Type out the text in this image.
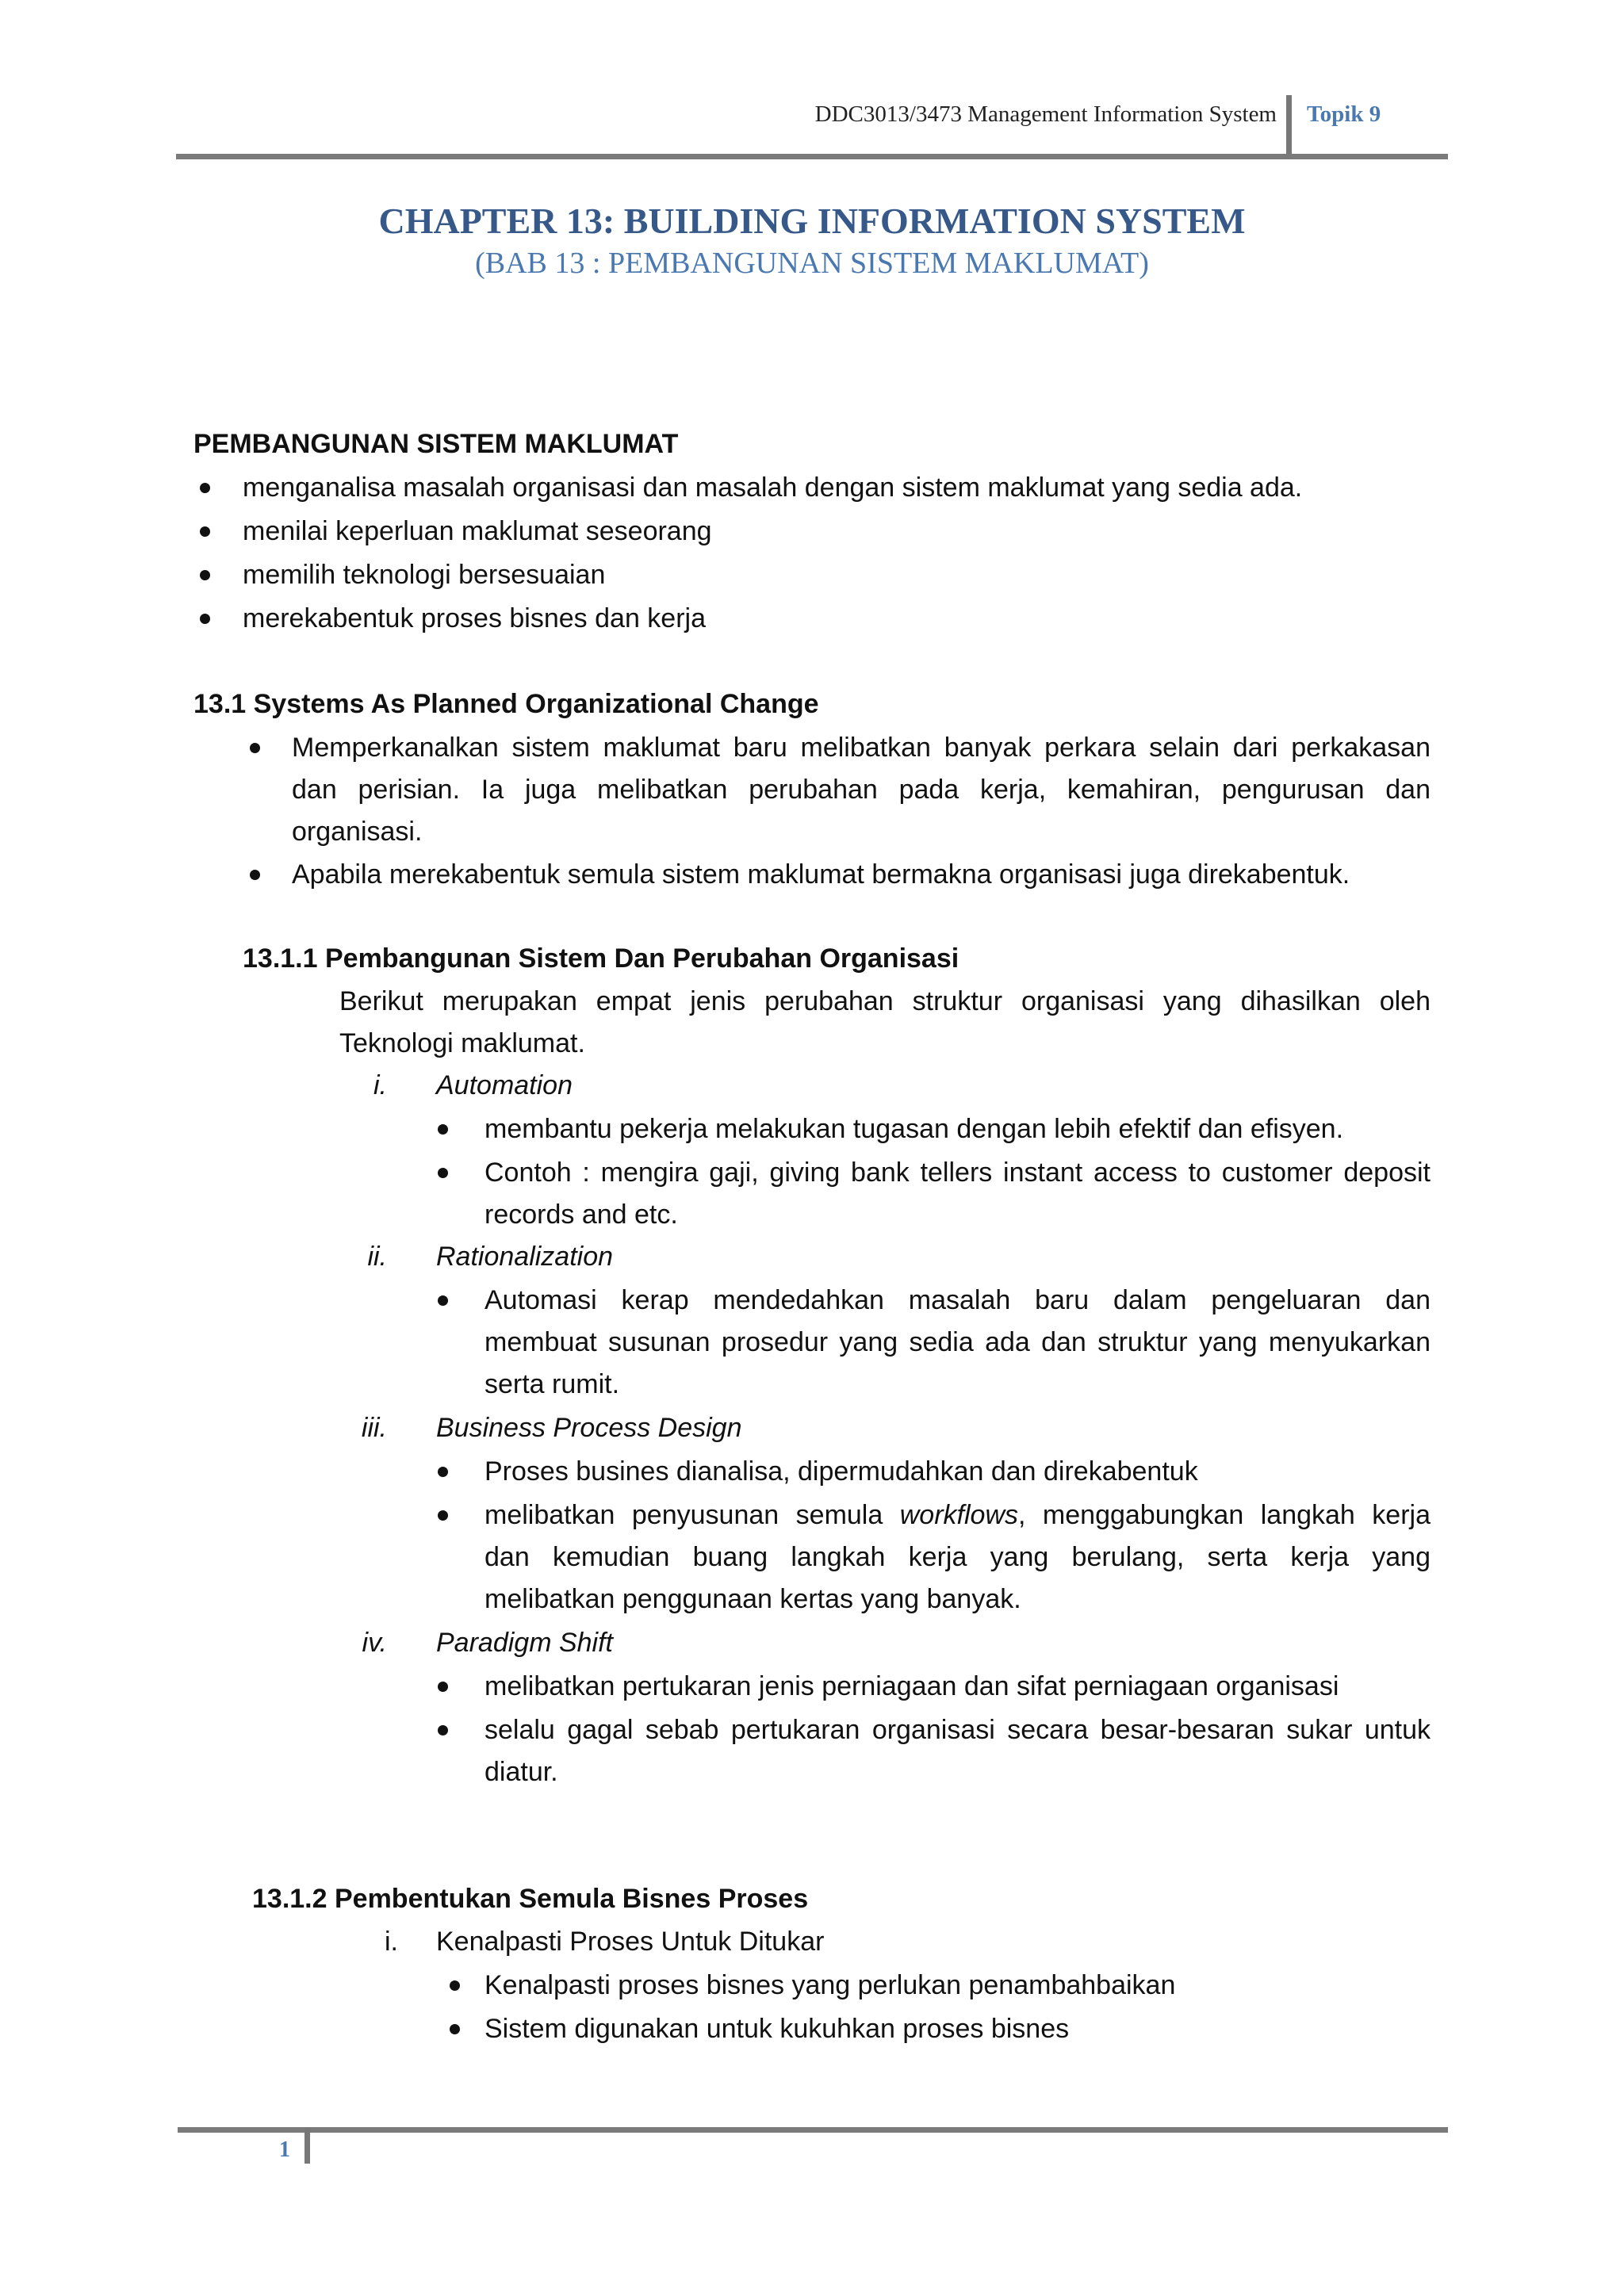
DDC3013/3473 Management Information System Topik 9
CHAPTER 13: BUILDING INFORMATION SYSTEM
(BAB 13 : PEMBANGUNAN SISTEM MAKLUMAT)
PEMBANGUNAN SISTEM MAKLUMAT
menganalisa masalah organisasi dan masalah dengan sistem maklumat yang sedia ada.
menilai keperluan maklumat seseorang
memilih teknologi bersesuaian
merekabentuk proses bisnes dan kerja
13.1 Systems As Planned Organizational Change
Memperkanalkan sistem maklumat baru melibatkan banyak perkara selain dari perkakasan
dan perisian. Ia juga melibatkan perubahan pada kerja, kemahiran, pengurusan dan
organisasi.
Apabila merekabentuk semula sistem maklumat bermakna organisasi juga direkabentuk.
13.1.1 Pembangunan Sistem Dan Perubahan Organisasi
Berikut merupakan empat jenis perubahan struktur organisasi yang dihasilkan oleh
Teknologi maklumat.
i. Automation
membantu pekerja melakukan tugasan dengan lebih efektif dan efisyen.
Contoh : mengira gaji, giving bank tellers instant access to customer deposit
records and etc.
ii. Rationalization
Automasi kerap mendedahkan masalah baru dalam pengeluaran dan
membuat susunan prosedur yang sedia ada dan struktur yang menyukarkan
serta rumit.
iii. Business Process Design
Proses busines dianalisa, dipermudahkan dan direkabentuk
melibatkan penyusunan semula workflows, menggabungkan langkah kerja
dan kemudian buang langkah kerja yang berulang, serta kerja yang
melibatkan penggunaan kertas yang banyak.
iv. Paradigm Shift
melibatkan pertukaran jenis perniagaan dan sifat perniagaan organisasi
selalu gagal sebab pertukaran organisasi secara besar-besaran sukar untuk
diatur.
13.1.2 Pembentukan Semula Bisnes Proses
i. Kenalpasti Proses Untuk Ditukar
Kenalpasti proses bisnes yang perlukan penambahbaikan
Sistem digunakan untuk kukuhkan proses bisnes
1
